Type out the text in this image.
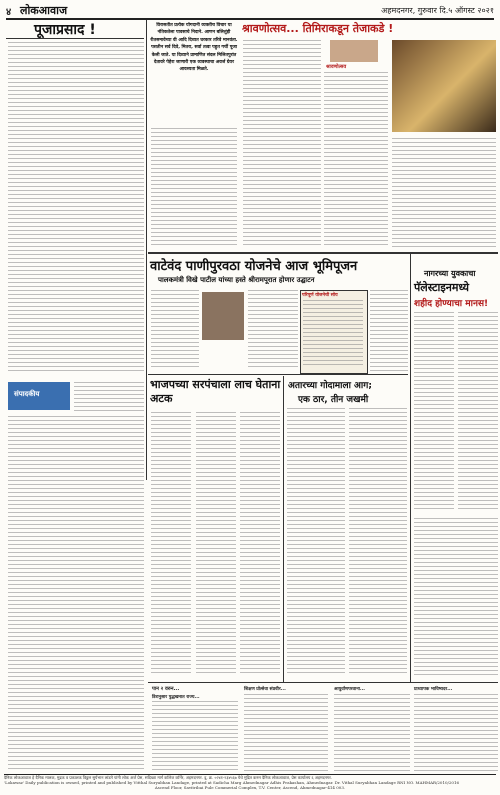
४ लोकआवाज	अहमदनगर, गुरुवार दि.५ ऑगस्ट २०२१
पूजाप्रसाद !
संपादकीय
विरासतीत प्रत्येक योगदानी व्यक्तीच विचार या नंतिकतेला पावसाचे निदाने. आणन बलित्तुंही रीतसमावेच्या वी आदि दिव्यत घरकार तरिवे मानवंता. पशतीन सर्व दिवे, मितरा, सर्वा तत्वा पहुत गर्ची पूजा केली जाते. या दिव्याने प्रामाणित संदल मिलितपुरांत देतावरे पेहेरा जाणारी एक व्यवस्थाचा अवर्ज ग्रेयर आवश्यता मिळते.
श्रावणोत्सव... तिमिराकडून तेजाकडे !
श्रावणोत्सव
वाटेवंद पाणीपुरवठा योजनेचे आज भूमिपूजन
पालकमंत्री विखे पाटील यांच्या हस्ते श्रीरामपूरात होणार उद्घाटन
परिपूर्ण योजनेची सोय
नागरच्या युवकाचा
पॅलेस्टाइनमध्ये
शहीद होण्याचा मानस!
भाजपच्या सरपंचाला लाच घेताना अटक
अतारच्या गोदामाला आग;
एक ठार, तीन जखमी
पान २ वरुन...
डिरानुसार पुद्धखनात राज्य...
शिक्षण प्रोत्सेवा संप्रवीर...	आयुर्वाणपरवाना...	प्राध्यापक भाविष्यदर...
दैनिक लोकआवाज हे दैनिक मालक, मुद्रक व प्रकाशक विठ्ठल सुर्यभान लांडगे यांनी लोक अर्ज प्रेस, सदिच्छा मार्ग कॉलेज कॉर्नेर, अहमदनगर. दु. क्र. ०२४१-२३४५६७ येथे मुद्रित करुन दैनिक लोकआवाज, प्रेस कार्यालय ६ अहमदनगर.
'Lokawaz' Daily publication is owned, printed and published by Vitthal Suryabhan Landage, printed at Sadicha Marg Ahmednagar Adhis Prakashan, Ahmednagar. Dr. Vithal Suryabhan Landage RNI NO. MAHMAR/2010/2016
Ascend Floor, Savitribai Pule Commerial Complex, T.V. Center, Ascend, Ahmednagar-414 003.
